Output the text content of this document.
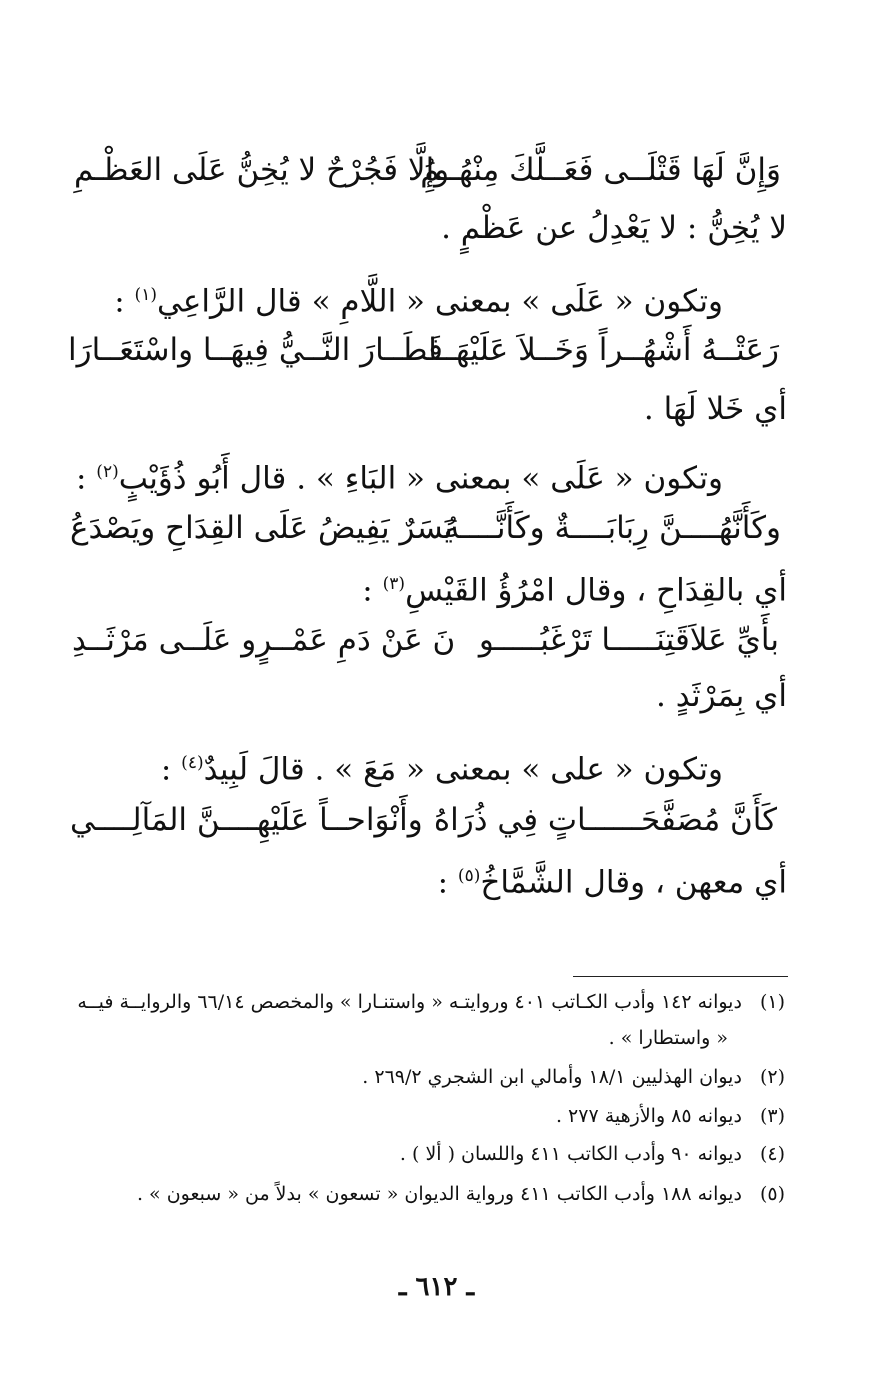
وَإِنَّ لَهَا قَتْلَــى فَعَــلَّكَ مِنْهُــمُ
وإِلَّا فَجُرْحٌ لا يُخِنُّ عَلَى العَظْـمِ
لا يُخِنُّ : لا يَعْدِلُ عن عَظْمٍ .
وتكون « عَلَى » بمعنى « اللَّامِ » قال الرَّاعِي$^{(١)}$ :
رَعَتْــهُ أَشْهُــراً وَخَــلاَ عَلَيْهَــا
فَطَــارَ النَّــيُّ فِيهَــا واسْتَعَــارَا
أي خَلا لَهَا .
وتكون « عَلَى » بمعنى « البَاءِ » . قال أَبُو ذُؤَيْبٍ$^{(٢)}$ :
وكَأَنَّهُــــنَّ رِبَابَــــةٌ وكَأَنَّــــهُ
يَسَرٌ يَفِيضُ عَلَى القِدَاحِ ويَصْدَعُ
أي بالقِدَاحِ ، وقال امْرُؤُ القَيْسِ$^{(٣)}$ :
بأَيِّ عَلاَقَتِنَـــــا تَرْغَبُـــــو
نَ عَنْ دَمِ عَمْــرٍو عَلَــى مَرْثَــدِ
أي بِمَرْثَدٍ .
وتكون « على » بمعنى « مَعَ » . قالَ لَبِيدٌ$^{(٤)}$ :
كَأَنَّ مُصَفَّحَــــــاتٍ فِي ذُرَاهُ
وأَنْوَاحــاً عَلَيْهِــــنَّ المَآلِــــي
أي معهن ، وقال الشَّمَّاخُ$^{(٥)}$ :
(١)ديوانه ١٤٢ وأدب الكـاتب ٤٠١ وروايتـه « واستنـارا » والمخصص ٦٦/١٤ والروايــة فيــه
« واستطارا » .
(٢)ديوان الهذليين ١٨/١ وأمالي ابن الشجري ٢٦٩/٢ .
(٣)ديوانه ٨٥ والأزهية ٢٧٧ .
(٤)ديوانه ٩٠ وأدب الكاتب ٤١١ واللسان ( ألا ) .
(٥)ديوانه ١٨٨ وأدب الكاتب ٤١١ ورواية الديوان « تسعون » بدلاً من « سبعون » .
ـ ٦١٢ ـ
